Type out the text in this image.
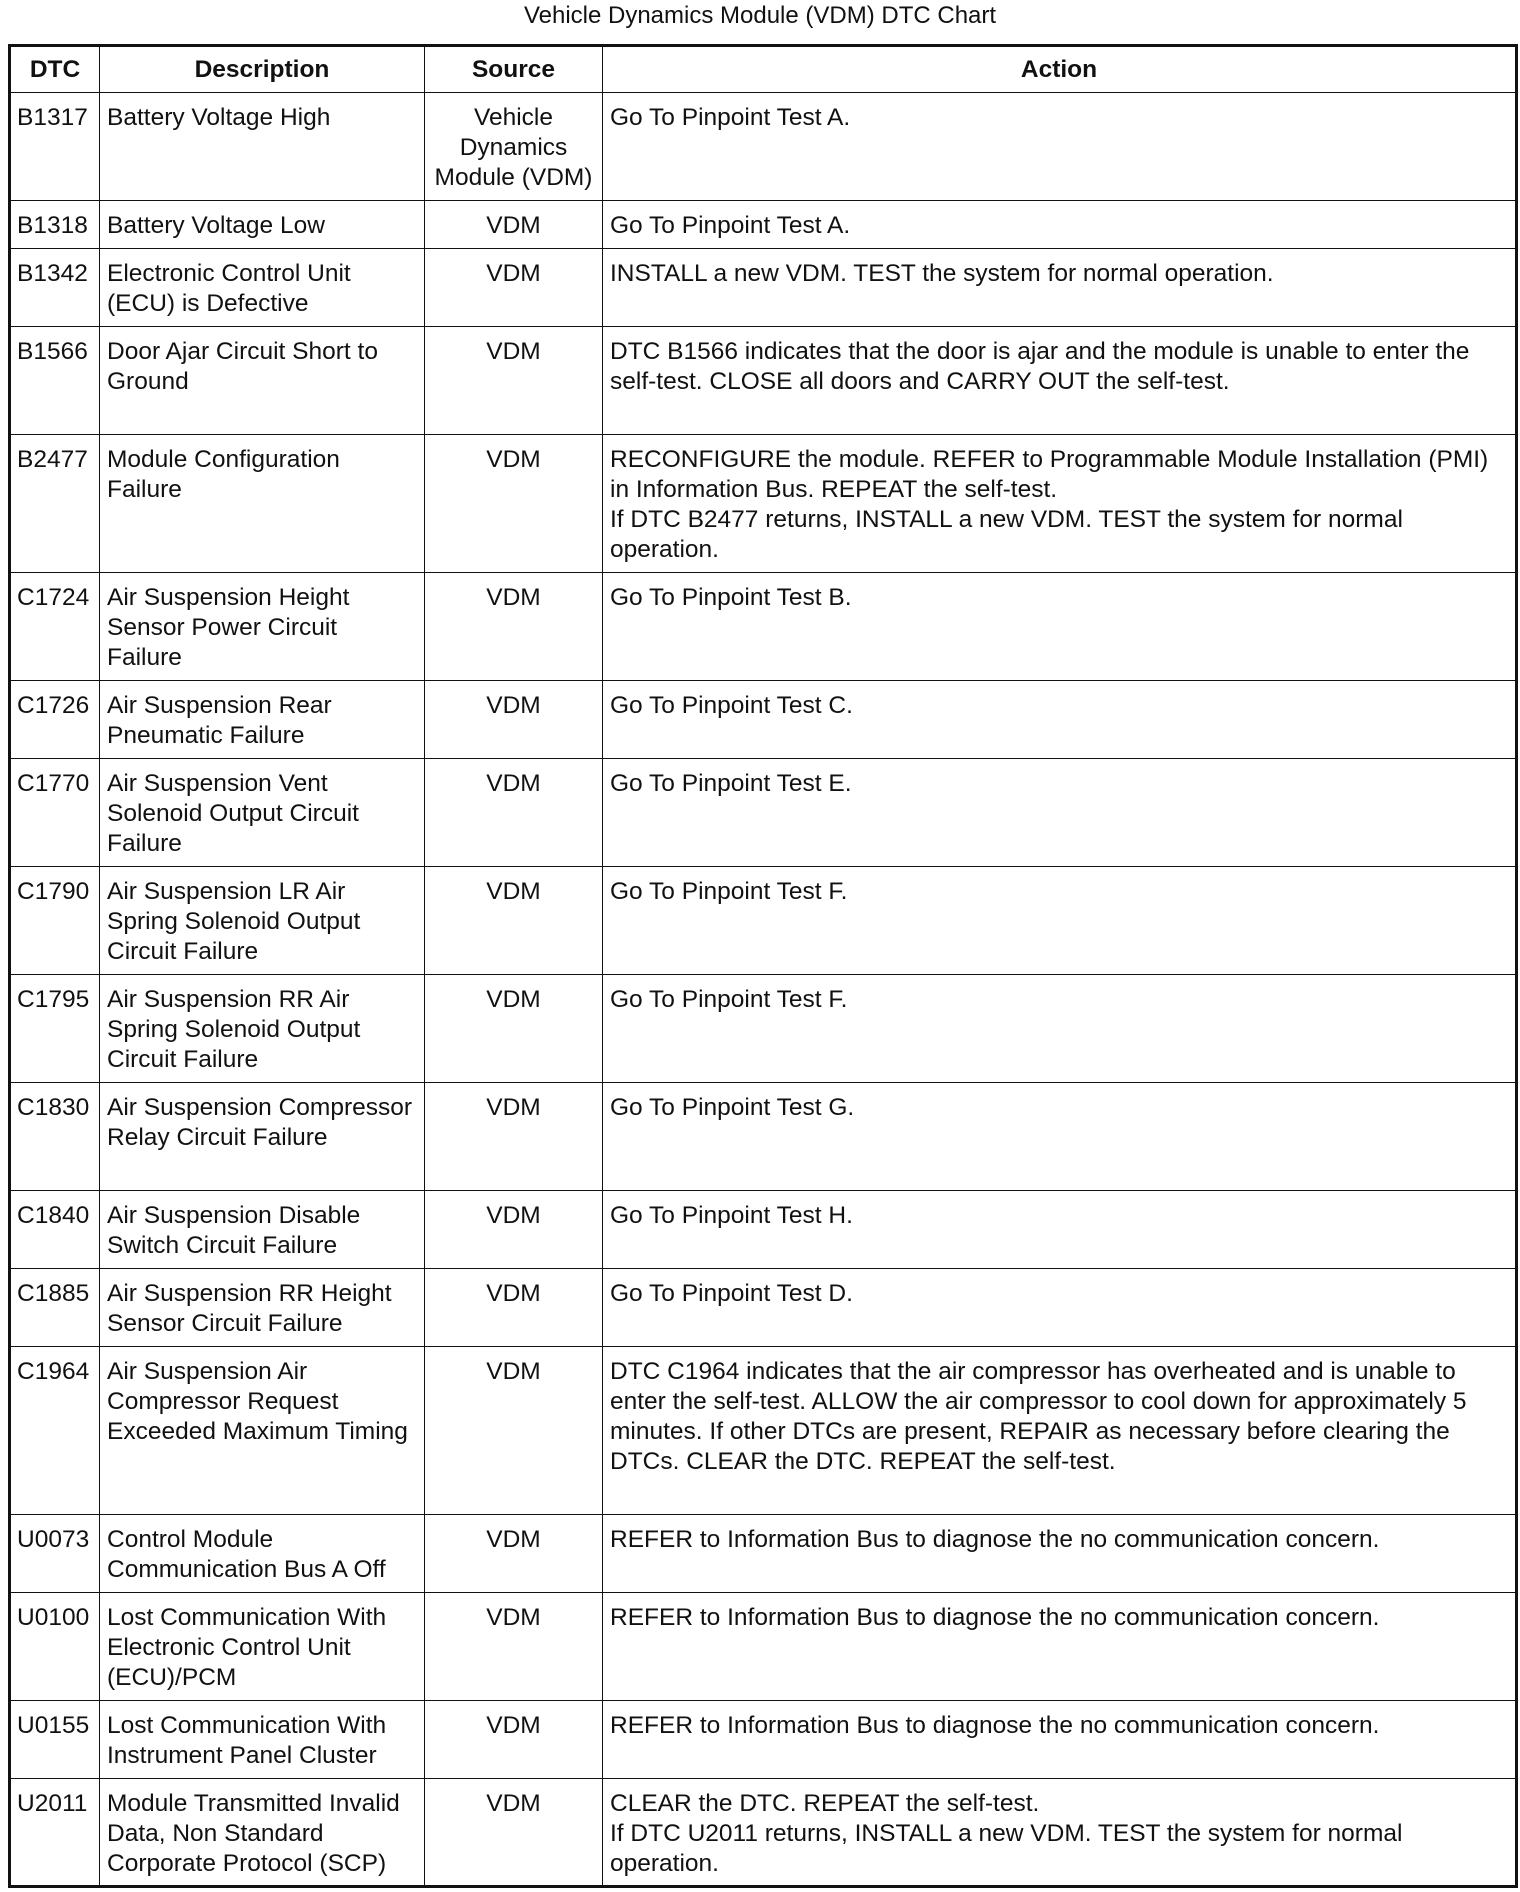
Vehicle Dynamics Module (VDM) DTC Chart
DTC	Description	Source	Action
B1317	Battery Voltage High	Vehicle Dynamics Module (VDM)	Go To Pinpoint Test A.
B1318	Battery Voltage Low	VDM	Go To Pinpoint Test A.
B1342	Electronic Control Unit (ECU) is Defective	VDM	INSTALL a new VDM. TEST the system for normal operation.
B1566	Door Ajar Circuit Short to Ground	VDM	DTC B1566 indicates that the door is ajar and the module is unable to enter the self-test. CLOSE all doors and CARRY OUT the self-test.
B2477	Module Configuration Failure	VDM	RECONFIGURE the module. REFER to Programmable Module Installation (PMI) in Information Bus. REPEAT the self-test.
If DTC B2477 returns, INSTALL a new VDM. TEST the system for normal operation.

C1724	Air Suspension Height Sensor Power Circuit Failure	VDM	Go To Pinpoint Test B.
C1726	Air Suspension Rear Pneumatic Failure	VDM	Go To Pinpoint Test C.
C1770	Air Suspension Vent Solenoid Output Circuit Failure	VDM	Go To Pinpoint Test E.
C1790	Air Suspension LR Air Spring Solenoid Output Circuit Failure	VDM	Go To Pinpoint Test F.
C1795	Air Suspension RR Air Spring Solenoid Output Circuit Failure	VDM	Go To Pinpoint Test F.
C1830	Air Suspension Compressor Relay Circuit Failure	VDM	Go To Pinpoint Test G.
C1840	Air Suspension Disable Switch Circuit Failure	VDM	Go To Pinpoint Test H.
C1885	Air Suspension RR Height Sensor Circuit Failure	VDM	Go To Pinpoint Test D.
C1964	Air Suspension Air Compressor Request Exceeded Maximum Timing	VDM	DTC C1964 indicates that the air compressor has overheated and is unable to enter the self-test. ALLOW the air compressor to cool down for approximately 5 minutes. If other DTCs are present, REPAIR as necessary before clearing the DTCs. CLEAR the DTC. REPEAT the self-test.
U0073	Control Module Communication Bus A Off	VDM	REFER to Information Bus to diagnose the no communication concern.
U0100	Lost Communication With Electronic Control Unit (ECU)/PCM	VDM	REFER to Information Bus to diagnose the no communication concern.
U0155	Lost Communication With Instrument Panel Cluster	VDM	REFER to Information Bus to diagnose the no communication concern.
U2011	Module Transmitted Invalid Data, Non Standard Corporate Protocol (SCP)	VDM	CLEAR the DTC. REPEAT the self-test.
If DTC U2011 returns, INSTALL a new VDM. TEST the system for normal operation.
